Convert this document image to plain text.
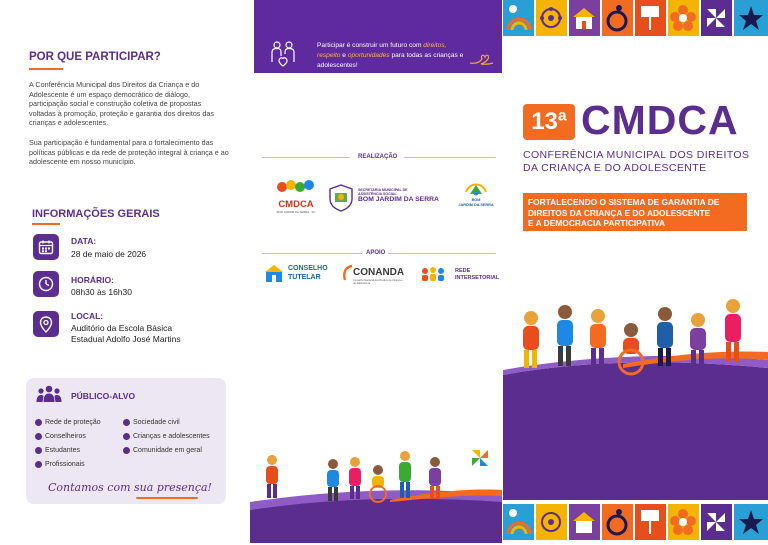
POR QUE PARTICIPAR?
A Conferência Municipal dos Direitos da Criança e do Adolescente é um espaço democrático de diálogo, participação social e construção coletiva de propostas voltadas à promoção, proteção e garantia dos direitos das crianças e adolescentes.
Sua participação é fundamental para o fortalecimento das políticas públicas e da rede de proteção integral à criança e ao adolescente em nosso município.
INFORMAÇÕES GERAIS
DATA:
28 de maio de 2026
HORÁRIO:
08h30 às 16h30
LOCAL:
Auditório da Escola Básica
Estadual Adolfo José Martins
PÚBLICO-ALVO
Rede de proteção
Conselheiros
Estudantes
Profissionais
Sociedade civil
Crianças e adolescentes
Comunidade em geral
Contamos com sua presença!
Participar é construir um futuro com direitos, respeito e oportunidades para todas as crianças e adolescentes!
REALIZAÇÃO
CMDCA
BOM JARDIM DA SERRA - SC
SECRETARIA MUNICIPAL DE ASSISTÊNCIA SOCIAL
BOM JARDIM DA SERRA	BOM
JARDIM DA SERRA
APOIO
CONSELHO
TUTELAR	CONANDA
Conselho Nacional dos Direitos da Criança e do Adolescente
REDE
INTERSETORIAL
13ª CMDCA
CONFERÊNCIA MUNICIPAL DOS DIREITOS
DA CRIANÇA E DO ADOLESCENTE
FORTALECENDO O SISTEMA DE GARANTIA DE
DIREITOS DA CRIANÇA E DO ADOLESCENTE
E A DEMOCRACIA PARTICIPATIVA
